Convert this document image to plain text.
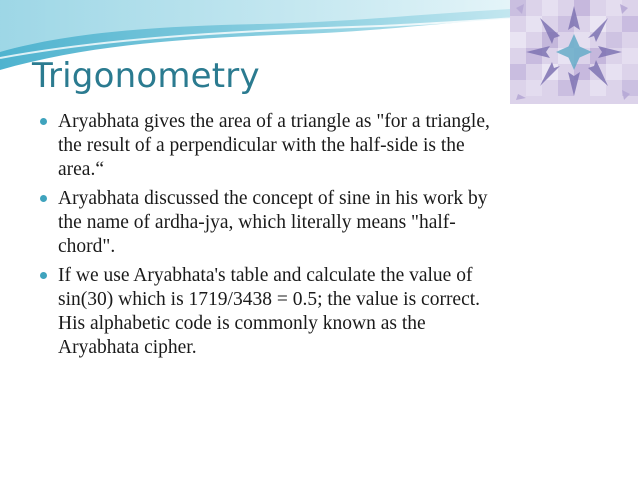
Trigonometry
Aryabhata gives the area of a triangle as "for a triangle,
the result of a perpendicular with the half-side is the
area.“
Aryabhata discussed the concept of sine in his work by
the name of ardha-jya, which literally means "half-
chord".
If we use Aryabhata's table and calculate the value of
sin(30) which is 1719/3438 = 0.5; the value is correct.
His alphabetic code is commonly known as the
Aryabhata cipher.
